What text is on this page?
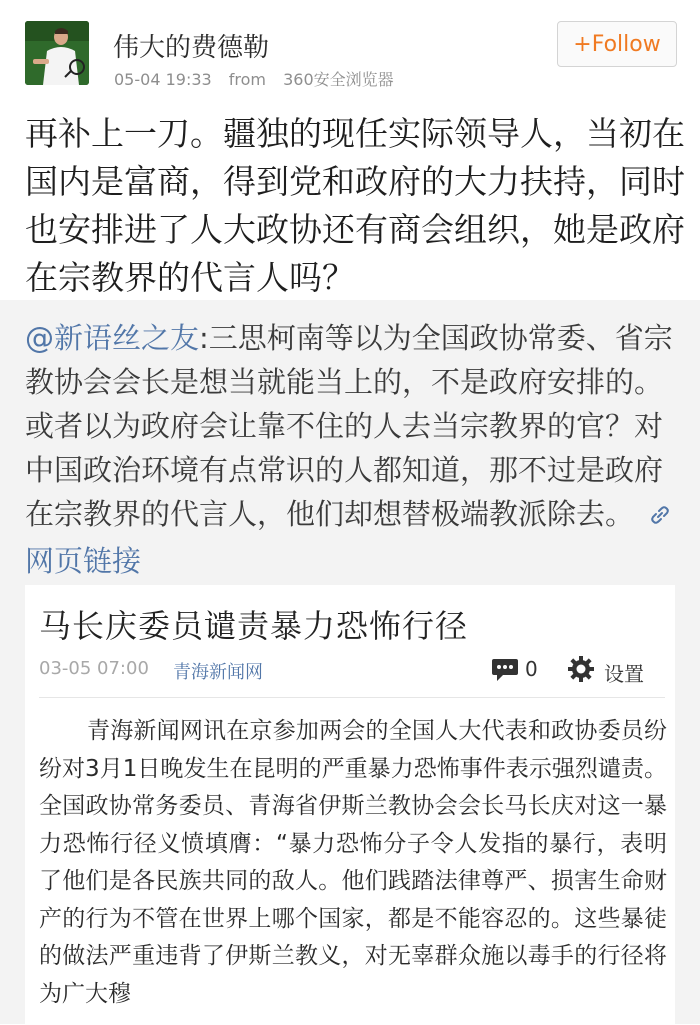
伟大的费德勒
05-04 19:33 from 360安全浏览器
+Follow
再补上一刀。疆独的现任实际领导人，当初在国内是富商，得到党和政府的大力扶持，同时也安排进了人大政协还有商会组织，她是政府在宗教界的代言人吗？
@新语丝之友:三思柯南等以为全国政协常委、省宗教协会会长是想当就能当上的，不是政府安排的。或者以为政府会让靠不住的人去当宗教界的官？对中国政治环境有点常识的人都知道，那不过是政府在宗教界的代言人，他们却想替极端教派除去。网页链接
马长庆委员谴责暴力恐怖行径
03-05 07:00 青海新闻网	0	设置
青海新闻网讯在京参加两会的全国人大代表和政协委员纷纷对3月1日晚发生在昆明的严重暴力恐怖事件表示强烈谴责。全国政协常务委员、青海省伊斯兰教协会会长马长庆对这一暴力恐怖行径义愤填膺：“暴力恐怖分子令人发指的暴行，表明了他们是各民族共同的敌人。他们践踏法律尊严、损害生命财产的行为不管在世界上哪个国家，都是不能容忍的。这些暴徒的做法严重违背了伊斯兰教义，对无辜群众施以毒手的行径将为广大穆
